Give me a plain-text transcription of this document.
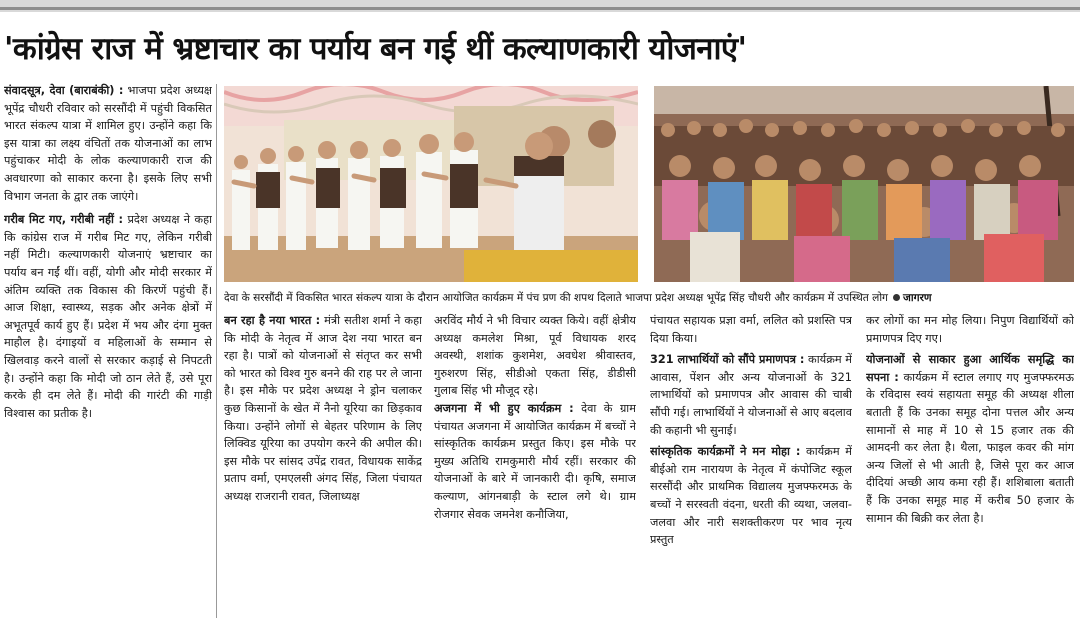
'कांग्रेस राज में भ्रष्टाचार का पर्याय बन गई थीं कल्याणकारी योजनाएं'

संवादसूत्र, देवा (बाराबंकी) : भाजपा प्रदेश अध्यक्ष भूपेंद्र चौधरी रविवार को सरसौंदी में पहुंची विकसित भारत संकल्प यात्रा में शामिल हुए। उन्होंने कहा कि इस यात्रा का लक्ष्य वंचितों तक योजनाओं का लाभ पहुंचाकर मोदी के लोक कल्याणकारी राज की अवधारणा को साकार करना है। इसके लिए सभी विभाग जनता के द्वार तक जाएंगे।

गरीब मिट गए, गरीबी नहीं : प्रदेश अध्यक्ष ने कहा कि कांग्रेस राज में गरीब मिट गए, लेकिन गरीबी नहीं मिटी। कल्याणकारी योजनाएं भ्रष्टाचार का पर्याय बन गईं थीं। वहीं, योगी और मोदी सरकार में अंतिम व्यक्ति तक विकास की किरणें पहुंची हैं। आज शिक्षा, स्वास्थ्य, सड़क और अनेक क्षेत्रों में अभूतपूर्व कार्य हुए हैं। प्रदेश में भय और दंगा मुक्त माहौल है। दंगाइयों व महिलाओं के सम्मान से खिलवाड़ करने वालों से सरकार कड़ाई से निपटती है। उन्होंने कहा कि मोदी जो ठान लेते हैं, उसे पूरा करके ही दम लेते हैं। मोदी की गारंटी की गाड़ी विश्वास का प्रतीक है।

देवा के सरसौंदी में विकसित भारत संकल्प यात्रा के दौरान आयोजित कार्यक्रम में पंच प्रण की शपथ दिलाते भाजपा प्रदेश अध्यक्ष भूपेंद्र सिंह चौधरी और कार्यक्रम में उपस्थित लोग जागरण

बन रहा है नया भारत : मंत्री सतीश शर्मा ने कहा कि मोदी के नेतृत्व में आज देश नया भारत बन रहा है। पात्रों को योजनाओं से संतृप्त कर सभी को भारत को विश्व गुरु बनने की राह पर ले जाना है। इस मौके पर प्रदेश अध्यक्ष ने ड्रोन चलाकर कुछ किसानों के खेत में नैनो यूरिया का छिड़काव किया। उन्होंने लोगों से बेहतर परिणाम के लिए लिक्विड यूरिया का उपयोग करने की अपील की। इस मौके पर सांसद उपेंद्र रावत, विधायक साकेंद्र प्रताप वर्मा, एमएलसी अंगद सिंह, जिला पंचायत अध्यक्ष राजरानी रावत, जिलाध्यक्ष

अरविंद मौर्य ने भी विचार व्यक्त किये। वहीं क्षेत्रीय अध्यक्ष कमलेश मिश्रा, पूर्व विधायक शरद अवस्थी, शशांक कुशमेश, अवधेश श्रीवास्तव, गुरुशरण सिंह, सीडीओ एकता सिंह, डीडीसी गुलाब सिंह भी मौजूद रहे।

अजगना में भी हुए कार्यक्रम : देवा के ग्राम पंचायत अजगना में आयोजित कार्यक्रम में बच्चों ने सांस्कृतिक कार्यक्रम प्रस्तुत किए। इस मौके पर मुख्य अतिथि रामकुमारी मौर्य रहीं। सरकार की योजनाओं के बारे में जानकारी दी। कृषि, समाज कल्याण, आंगनबाड़ी के स्टाल लगे थे। ग्राम रोजगार सेवक जमनेश कनौजिया,

पंचायत सहायक प्रज्ञा वर्मा, ललित को प्रशस्ति पत्र दिया किया।

321 लाभार्थियों को सौंपे प्रमाणपत्र : कार्यक्रम में आवास, पेंशन और अन्य योजनाओं के 321 लाभार्थियों को प्रमाणपत्र और आवास की चाबी सौंपी गई। लाभार्थियों ने योजनाओं से आए बदलाव की कहानी भी सुनाई।

सांस्कृतिक कार्यक्रमों ने मन मोहा : कार्यक्रम में बीईओ राम नारायण के नेतृत्व में कंपोजिट स्कूल सरसौंदी और प्राथमिक विद्यालय मुजफ्फरमऊ के बच्चों ने सरस्वती वंदना, धरती की व्यथा, जलवा-जलवा और नारी सशक्तीकरण पर भाव नृत्य प्रस्तुत

कर लोगों का मन मोह लिया। निपुण विद्यार्थियों को प्रमाणपत्र दिए गए।

योजनाओं से साकार हुआ आर्थिक समृद्धि का सपना : कार्यक्रम में स्टाल लगाए गए मुजफ्फरमऊ के रविदास स्वयं सहायता समूह की अध्यक्ष शीला बताती हैं कि उनका समूह दोना पत्तल और अन्य सामानों से माह में 10 से 15 हजार तक की आमदनी कर लेता है। थैला, फाइल कवर की मांग अन्य जिलों से भी आती है, जिसे पूरा कर आज दीदियां अच्छी आय कमा रही हैं। शशिबाला बताती हैं कि उनका समूह माह में करीब 50 हजार के सामान की बिक्री कर लेता है।
